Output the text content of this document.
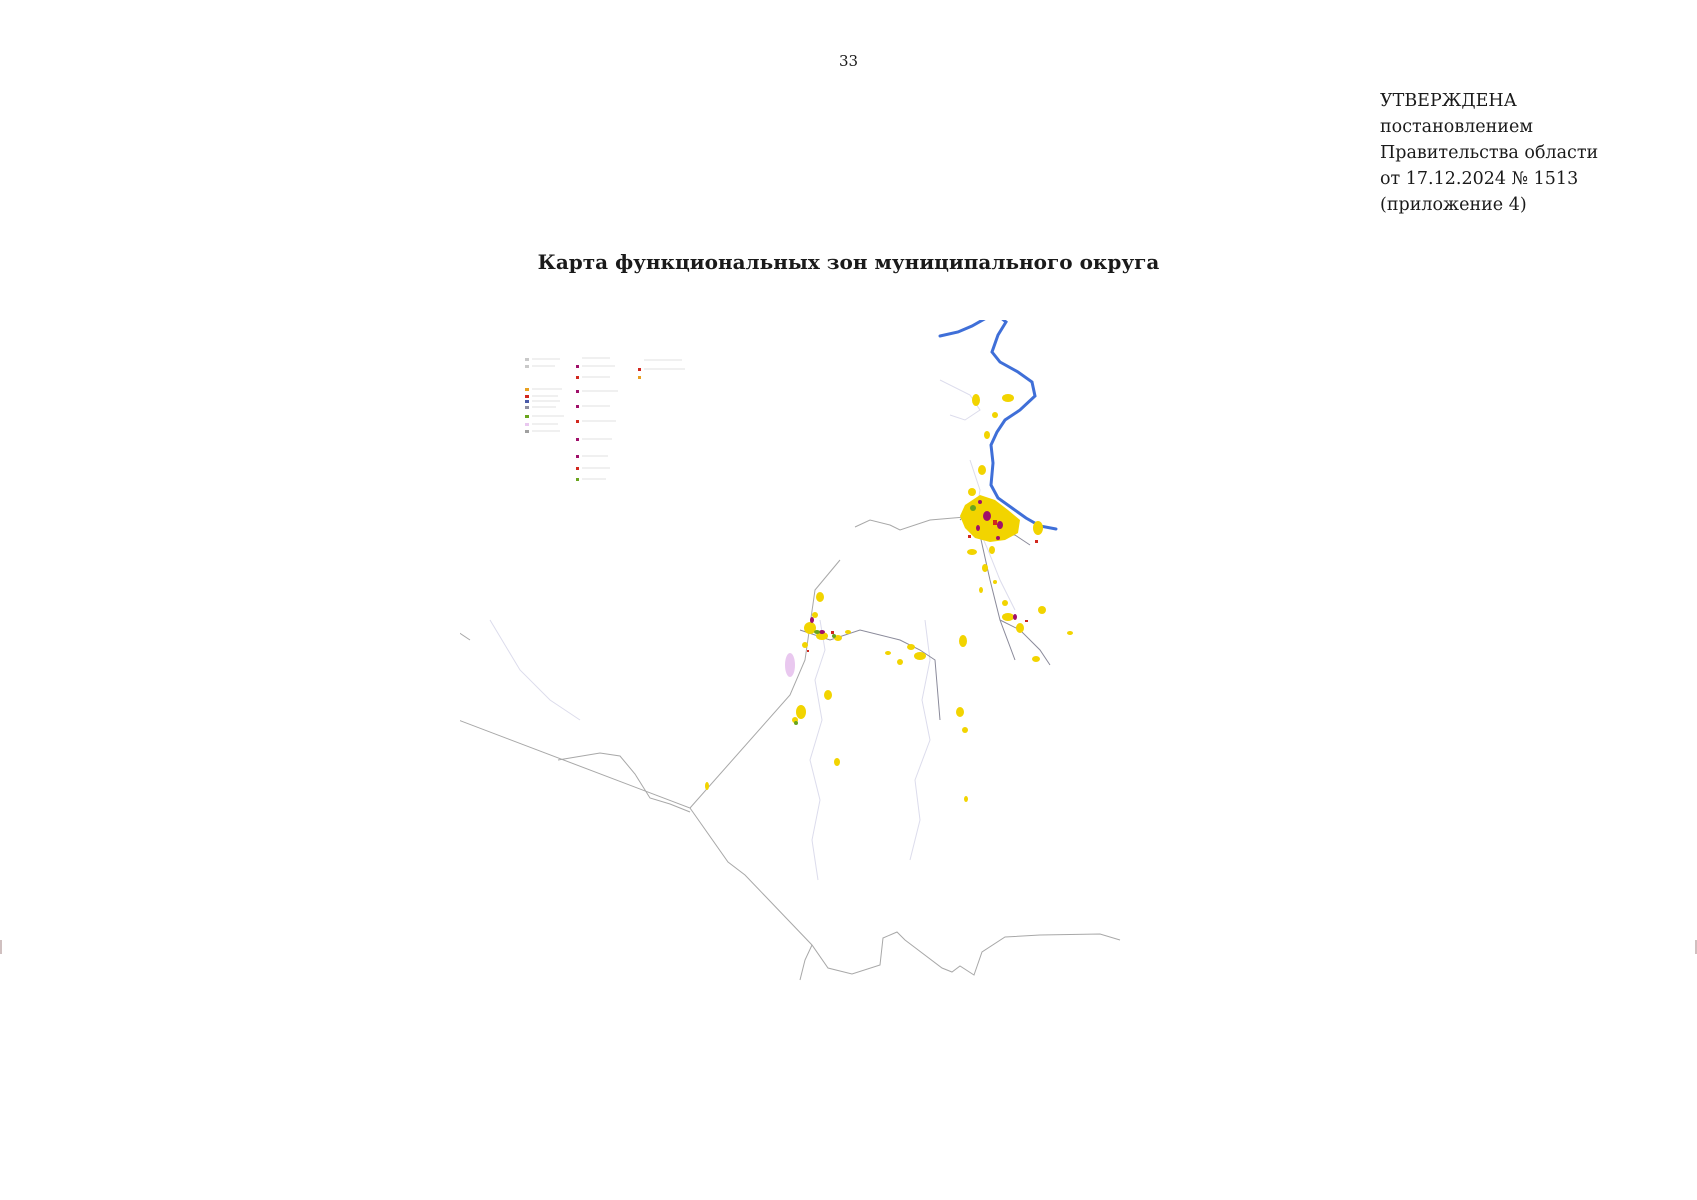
33
УТВЕРЖДЕНА
постановлением
Правительства области
от 17.12.2024 № 1513
(приложение 4)
Карта функциональных зон муниципального округа
